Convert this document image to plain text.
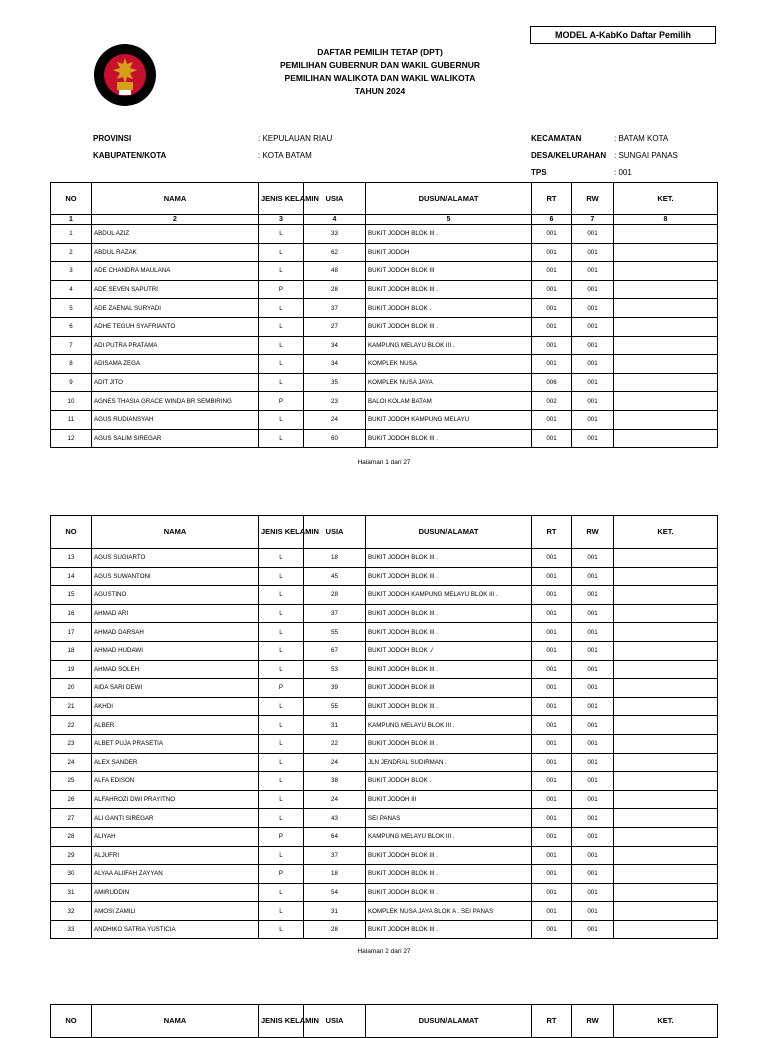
MODEL A-KabKo Daftar Pemilih
DAFTAR PEMILIH TETAP (DPT)
PEMILIHAN GUBERNUR DAN WAKIL GUBERNUR
PEMILIHAN WALIKOTA DAN WAKIL WALIKOTA
TAHUN 2024
PROVINSI	: KEPULAUAN RIAU
KABUPATEN/KOTA	: KOTA BATAM
KECAMATAN	: BATAM KOTA
DESA/KELURAHAN : SUNGAI PANAS
TPS	: 001
NO	NAMA	JENIS KELAMIN	USIA	DUSUN/ALAMAT	RT	RW	KET.
1	2	3	4	5	6	7	8
1	ABDUL AZIZ	L	33	BUKIT JODOH BLOK III .	001	001	
2	ABDUL RAZAK	L	62	BUKIT JODOH	001	001	
3	ADE CHANDRA MAULANA	L	48	BUKIT JODOH BLOK III	001	001	
4	ADE SEVEN SAPUTRI	P	28	BUKIT JODOH BLOK III .	001	001	
5	ADE ZAENAL SURYADI	L	37	BUKIT JODOH BLOK .	001	001	
6	ADHE TEGUH SYAFRIANTO	L	27	BUKIT JODOH BLOK III .	001	001	
7	ADI PUTRA PRATAMA	L	34	KAMPUNG MELAYU BLOK III .	001	001	
8	ADISAMA ZEGA	L	34	KOMPLEK NUSA	001	001	
9	ADIT JITO	L	35	KOMPLEK NUSA JAYA	006	001	
10	AGNES THASIA GRACE WINDA BR SEMBIRING	P	23	BALOI KOLAM BATAM	002	001	
11	AGUS RUDIANSYAH	L	24	BUKIT JODOH KAMPUNG MELAYU	001	001	
12	AGUS SALIM SIREGAR	L	60	BUKIT JODOH BLOK III .	001	001	
Halaman 1 dari 27
NO	NAMA	JENIS KELAMIN	USIA	DUSUN/ALAMAT	RT	RW	KET.
13	AGUS SUGIARTO	L	18	BUKIT JODOH BLOK III .	001	001	
14	AGUS SUWANTONI	L	45	BUKIT JODOH BLOK III .	001	001	
15	AGUSTINO	L	28	BUKIT JODOH KAMPUNG MELAYU BLOK III .	001	001	
16	AHMAD ARI	L	37	BUKIT JODOH BLOK III .	001	001	
17	AHMAD DARSAH	L	55	BUKIT JODOH BLOK III .	001	001	
18	AHMAD HUDAWI	L	67	BUKIT JODOH BLOK ./	001	001	
19	AHMAD SOLEH	L	53	BUKIT JODOH BLOK III .	001	001	
20	AIDA SARI DEWI	P	39	BUKIT JODOH BLOK III	001	001	
21	AKHDI	L	55	BUKIT JODOH BLOK III .	001	001	
22	ALBER	L	31	KAMPUNG MELAYU BLOK III .	001	001	
23	ALBET PUJA PRASETIA	L	22	BUKIT JODOH BLOK III .	001	001	
24	ALEX SANDER	L	24	JLN JENDRAL SUDIRMAN .	001	001	
25	ALFA EDISON	L	38	BUKIT JODOH BLOK .	001	001	
26	ALFAHROZI DWI PRAYITNO	L	24	BUKIT JODOH III	001	001	
27	ALI GANTI SIREGAR	L	43	SEI PANAS	001	001	
28	ALIYAH	P	64	KAMPUNG MELAYU BLOK III .	001	001	
29	ALJUFRI	L	37	BUKIT JODOH BLOK III .	001	001	
30	ALYAA ALIIFAH ZAYYAN	P	18	BUKIT JODOH BLOK III .	001	001	
31	AMIRUDDIN	L	54	BUKIT JODOH BLOK III .	001	001	
32	AMOSI ZAMILI	L	31	KOMPLEK NUSA JAYA BLOK A . SEI PANAS	001	001	
33	ANDHIKO SATRIA YUSTICIA	L	28	BUKIT JODOH BLOK III .	001	001	
Halaman 2 dari 27
NO	NAMA	JENIS KELAMIN	USIA	DUSUN/ALAMAT	RT	RW	KET.
